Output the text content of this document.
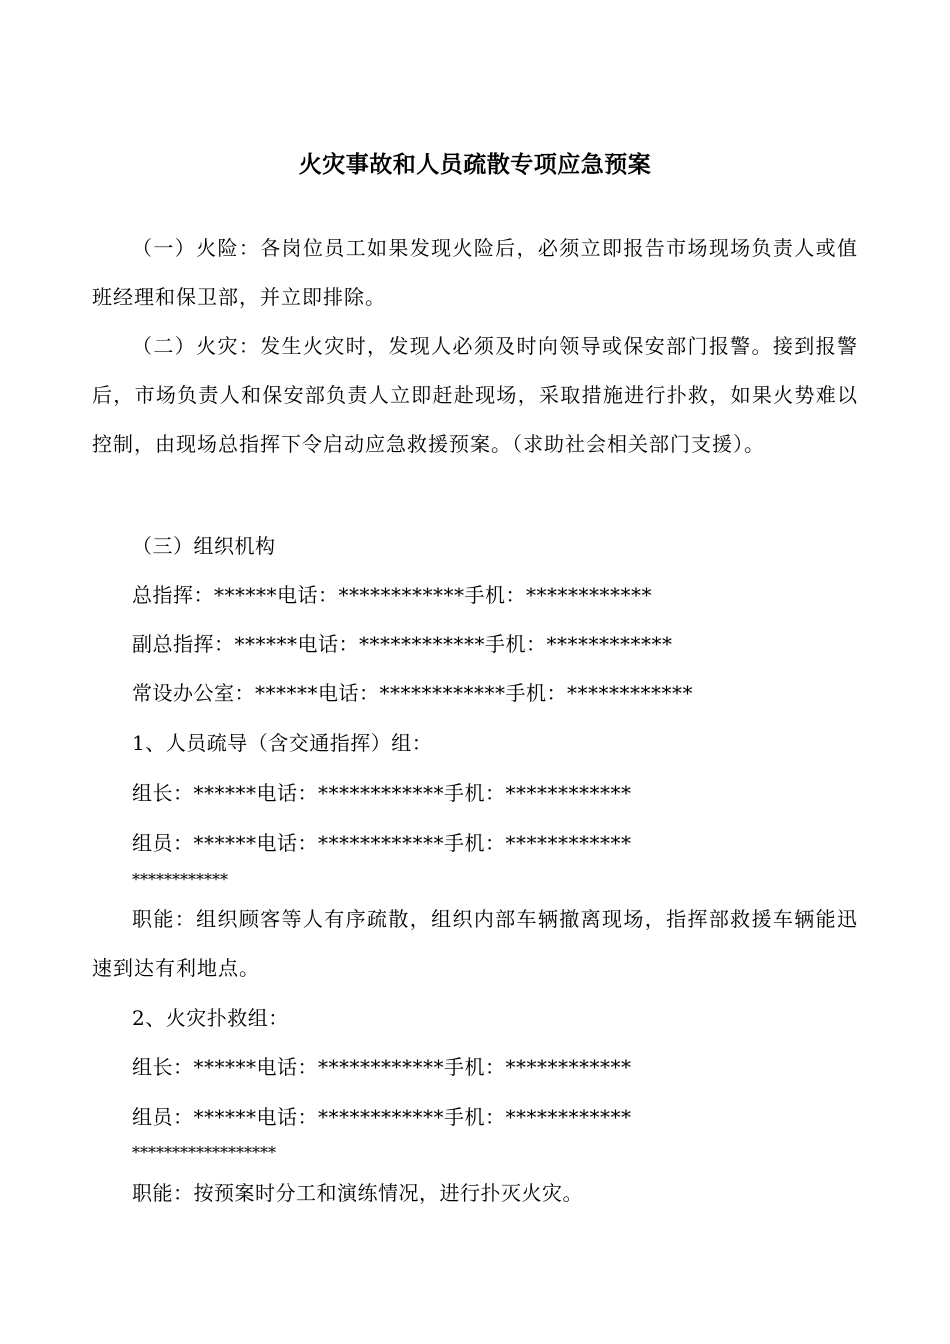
火灾事故和人员疏散专项应急预案

（一）火险：各岗位员工如果发现火险后，必须立即报告市场现场负责人或值班经理和保卫部，并立即排除。

（二）火灾：发生火灾时，发现人必须及时向领导或保安部门报警。接到报警后，市场负责人和保安部负责人立即赶赴现场，采取措施进行扑救，如果火势难以控制，由现场总指挥下令启动应急救援预案。（求助社会相关部门支援）。

（三）组织机构

总指挥：******电话：************手机：************

副总指挥：******电话：************手机：************

常设办公室：******电话：************手机：************

1、人员疏导（含交通指挥）组：

组长：******电话：************手机：************

组员：******电话：************手机：************

************

职能：组织顾客等人有序疏散，组织内部车辆撤离现场，指挥部救援车辆能迅速到达有利地点。

2、火灾扑救组：

组长：******电话：************手机：************

组员：******电话：************手机：************

******************

职能：按预案时分工和演练情况，进行扑灭火灾。
